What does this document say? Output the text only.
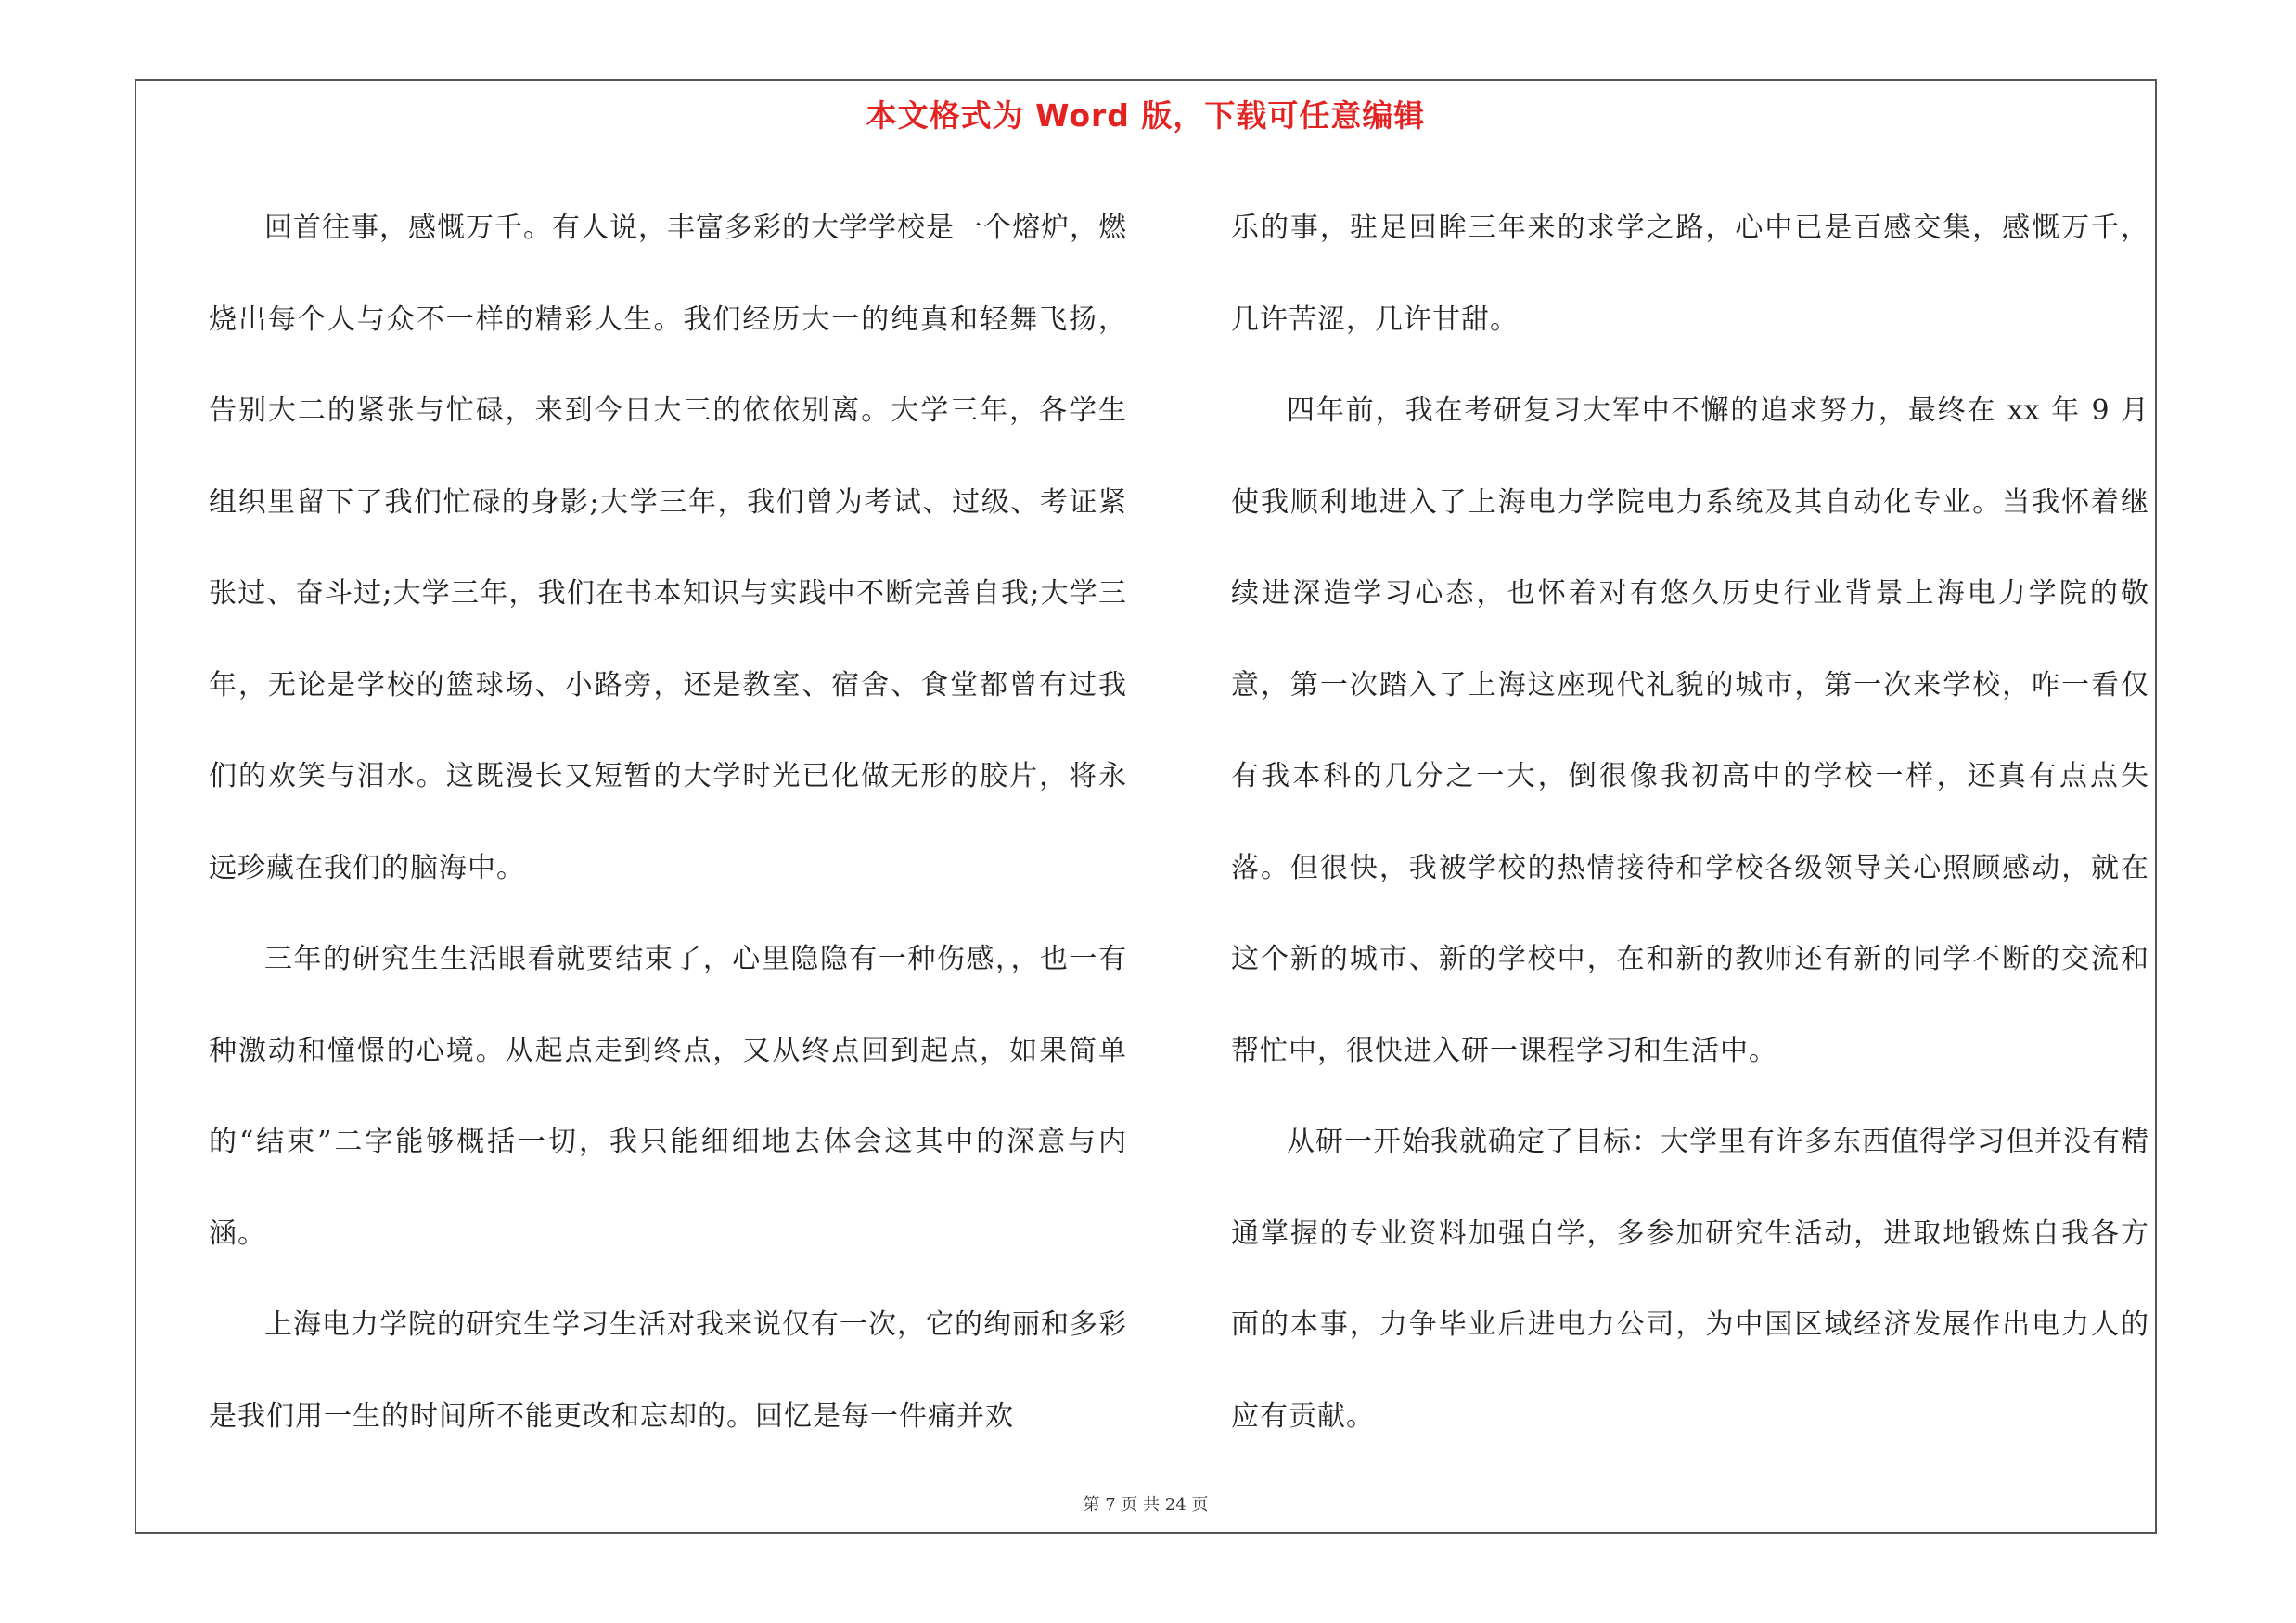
本文格式为 Word 版，下载可任意编辑

回首往事，感慨万千。有人说，丰富多彩的大学学校是一个熔炉，燃烧出每个人与众不一样的精彩人生。我们经历大一的纯真和轻舞飞扬，告别大二的紧张与忙碌，来到今日大三的依依别离。大学三年，各学生组织里留下了我们忙碌的身影;大学三年，我们曾为考试、过级、考证紧张过、奋斗过;大学三年，我们在书本知识与实践中不断完善自我;大学三年，无论是学校的篮球场、小路旁，还是教室、宿舍、食堂都曾有过我们的欢笑与泪水。这既漫长又短暂的大学时光已化做无形的胶片，将永远珍藏在我们的脑海中。

三年的研究生生活眼看就要结束了，心里隐隐有一种伤感，，也一有种激动和憧憬的心境。从起点走到终点，又从终点回到起点，如果简单的“结束”二字能够概括一切，我只能细细地去体会这其中的深意与内涵。

上海电力学院的研究生学习生活对我来说仅有一次，它的绚丽和多彩是我们用一生的时间所不能更改和忘却的。回忆是每一件痛并欢

乐的事，驻足回眸三年来的求学之路，心中已是百感交集，感慨万千，几许苦涩，几许甘甜。

四年前，我在考研复习大军中不懈的追求努力，最终在 xx 年 9 月使我顺利地进入了上海电力学院电力系统及其自动化专业。当我怀着继续进深造学习心态，也怀着对有悠久历史行业背景上海电力学院的敬意，第一次踏入了上海这座现代礼貌的城市，第一次来学校，咋一看仅有我本科的几分之一大，倒很像我初高中的学校一样，还真有点点失落。但很快，我被学校的热情接待和学校各级领导关心照顾感动，就在这个新的城市、新的学校中，在和新的教师还有新的同学不断的交流和帮忙中，很快进入研一课程学习和生活中。

从研一开始我就确定了目标：大学里有许多东西值得学习但并没有精通掌握的专业资料加强自学，多参加研究生活动，进取地锻炼自我各方面的本事，力争毕业后进电力公司，为中国区域经济发展作出电力人的应有贡献。

第 7 页 共 24 页
